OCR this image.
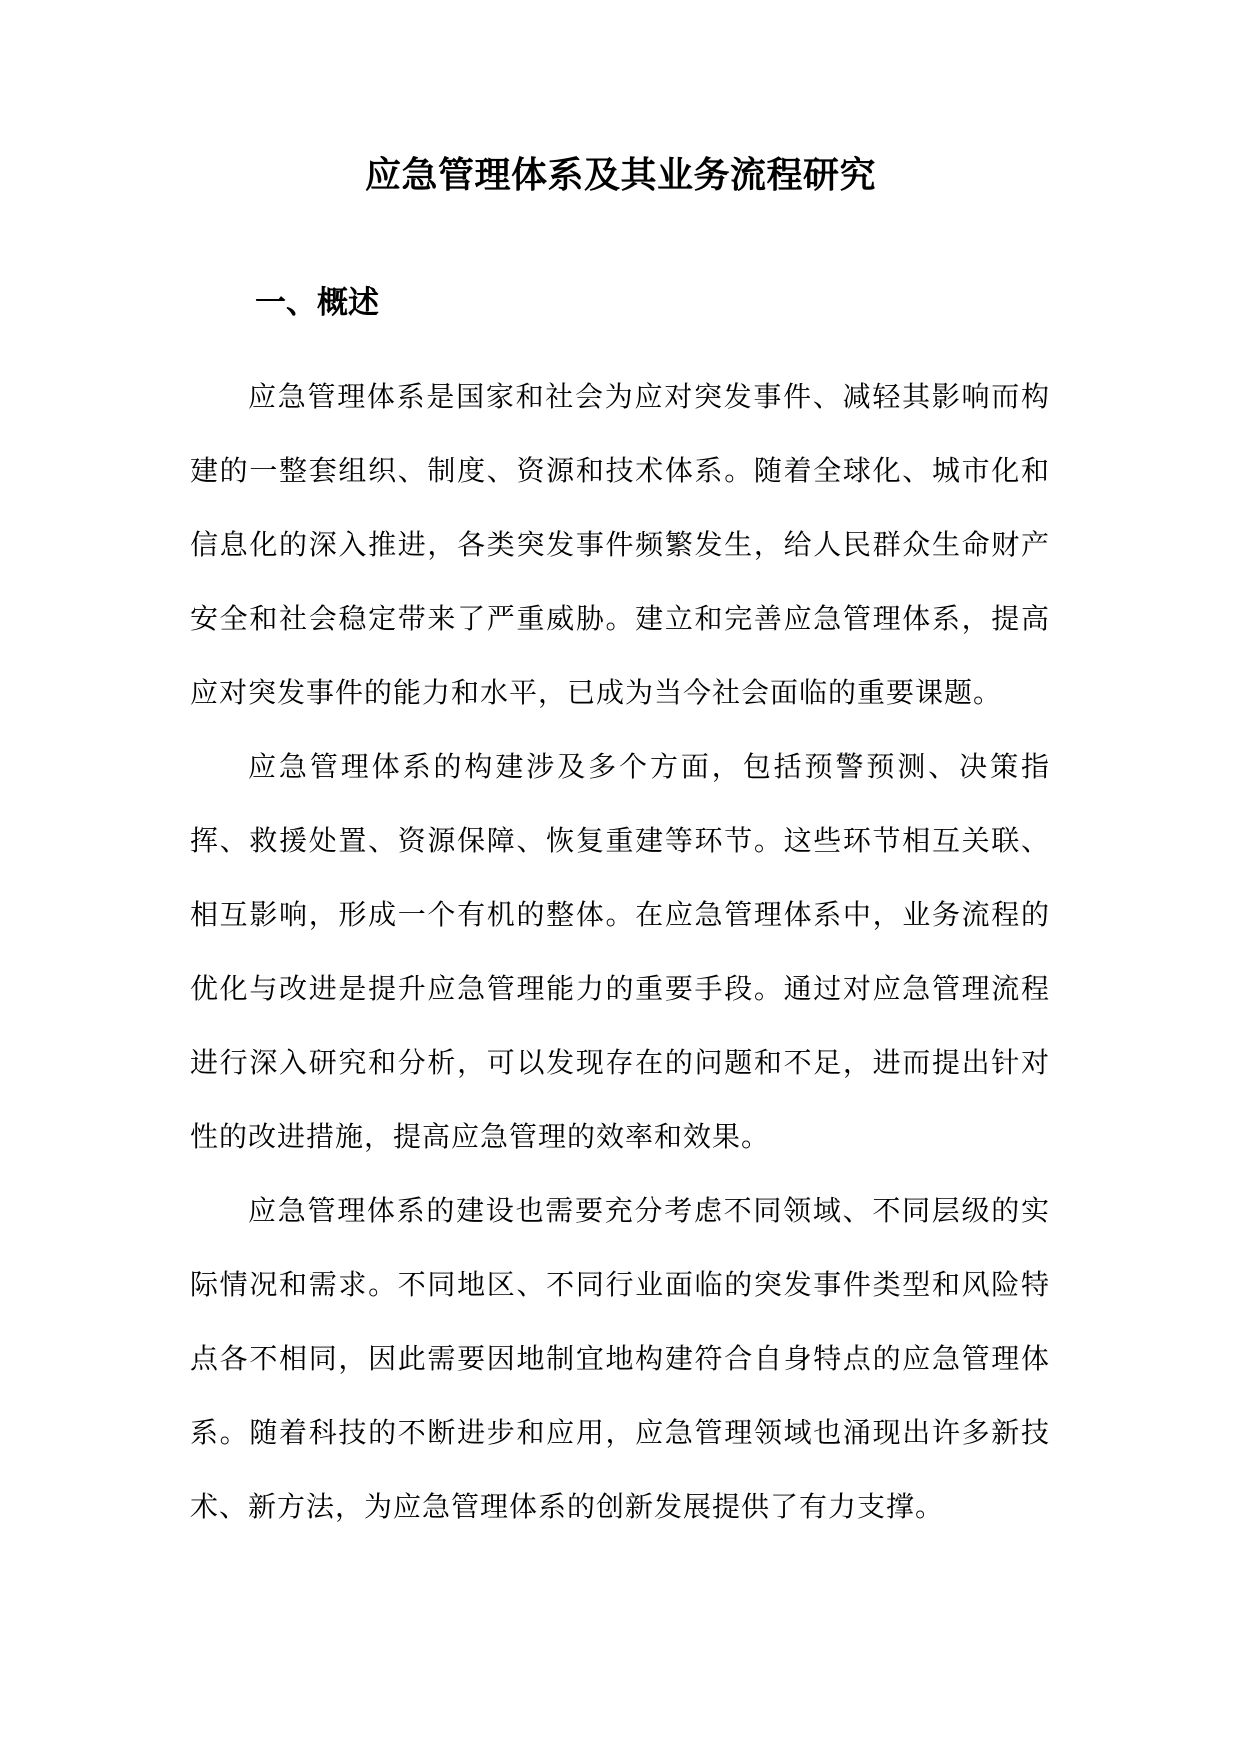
应急管理体系及其业务流程研究
一、概述

应急管理体系是国家和社会为应对突发事件、减轻其影响而构建的一整套组织、制度、资源和技术体系。随着全球化、城市化和信息化的深入推进，各类突发事件频繁发生，给人民群众生命财产安全和社会稳定带来了严重威胁。建立和完善应急管理体系，提高应对突发事件的能力和水平，已成为当今社会面临的重要课题。

应急管理体系的构建涉及多个方面，包括预警预测、决策指挥、救援处置、资源保障、恢复重建等环节。这些环节相互关联、相互影响，形成一个有机的整体。在应急管理体系中，业务流程的优化与改进是提升应急管理能力的重要手段。通过对应急管理流程进行深入研究和分析，可以发现存在的问题和不足，进而提出针对性的改进措施，提高应急管理的效率和效果。

应急管理体系的建设也需要充分考虑不同领域、不同层级的实际情况和需求。不同地区、不同行业面临的突发事件类型和风险特点各不相同，因此需要因地制宜地构建符合自身特点的应急管理体系。随着科技的不断进步和应用，应急管理领域也涌现出许多新技术、新方法，为应急管理体系的创新发展提供了有力支撑。
